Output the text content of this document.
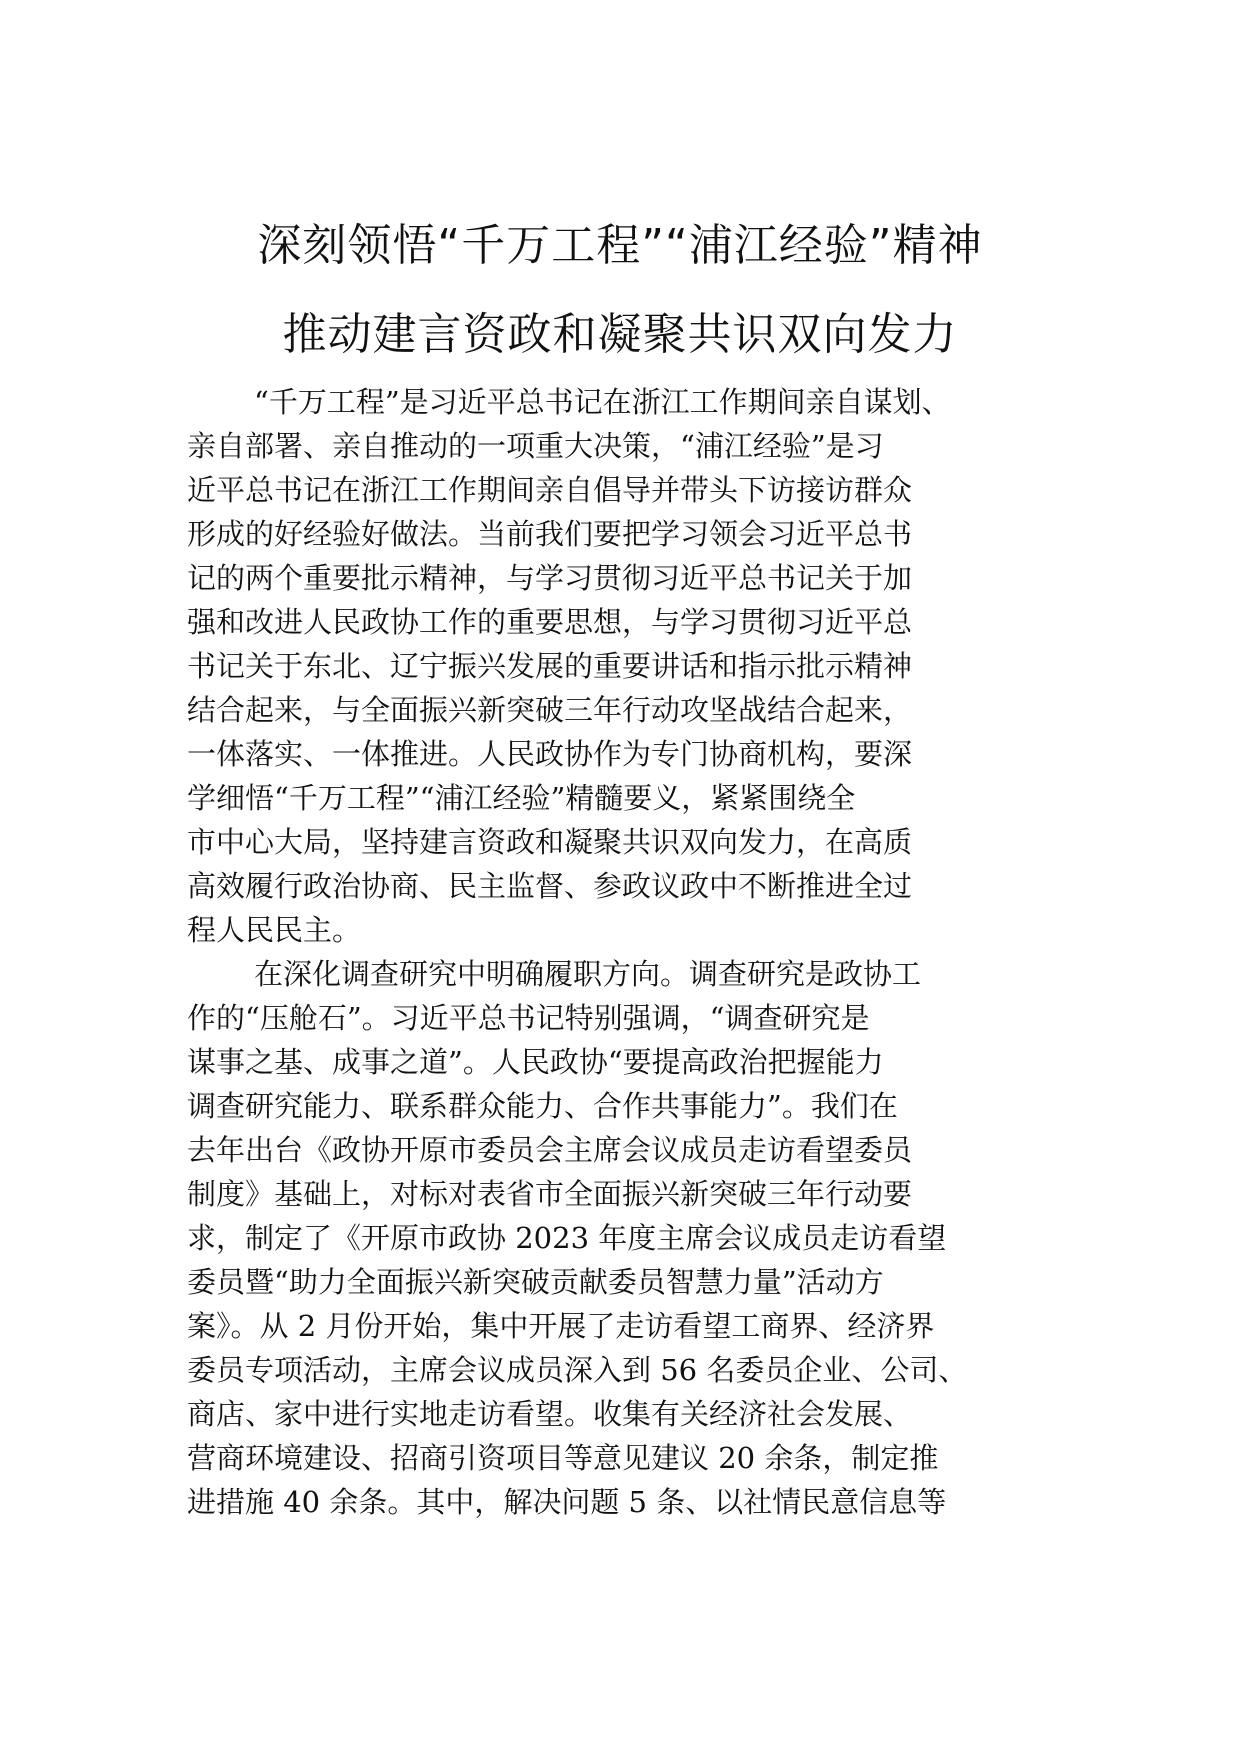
深刻领悟“千万工程”“浦江经验”精神
推动建言资政和凝聚共识双向发力
“千万工程”是习近平总书记在浙江工作期间亲自谋划、
亲自部署、亲自推动的一项重大决策，“浦江经验”是习
近平总书记在浙江工作期间亲自倡导并带头下访接访群众
形成的好经验好做法。当前我们要把学习领会习近平总书
记的两个重要批示精神，与学习贯彻习近平总书记关于加
强和改进人民政协工作的重要思想，与学习贯彻习近平总
书记关于东北、辽宁振兴发展的重要讲话和指示批示精神
结合起来，与全面振兴新突破三年行动攻坚战结合起来，
一体落实、一体推进。人民政协作为专门协商机构，要深
学细悟“千万工程”“浦江经验”精髓要义，紧紧围绕全
市中心大局，坚持建言资政和凝聚共识双向发力，在高质
高效履行政治协商、民主监督、参政议政中不断推进全过
程人民民主。
在深化调查研究中明确履职方向。调查研究是政协工
作的“压舱石”。习近平总书记特别强调，“调查研究是
谋事之基、成事之道”。人民政协“要提高政治把握能力
调查研究能力、联系群众能力、合作共事能力”。我们在
去年出台《政协开原市委员会主席会议成员走访看望委员
制度》基础上，对标对表省市全面振兴新突破三年行动要
求，制定了《开原市政协 2023 年度主席会议成员走访看望
委员暨“助力全面振兴新突破贡献委员智慧力量”活动方
案》。从 2 月份开始，集中开展了走访看望工商界、经济界
委员专项活动，主席会议成员深入到 56 名委员企业、公司、
商店、家中进行实地走访看望。收集有关经济社会发展、
营商环境建设、招商引资项目等意见建议 20 余条，制定推
进措施 40 余条。其中，解决问题 5 条、以社情民意信息等
